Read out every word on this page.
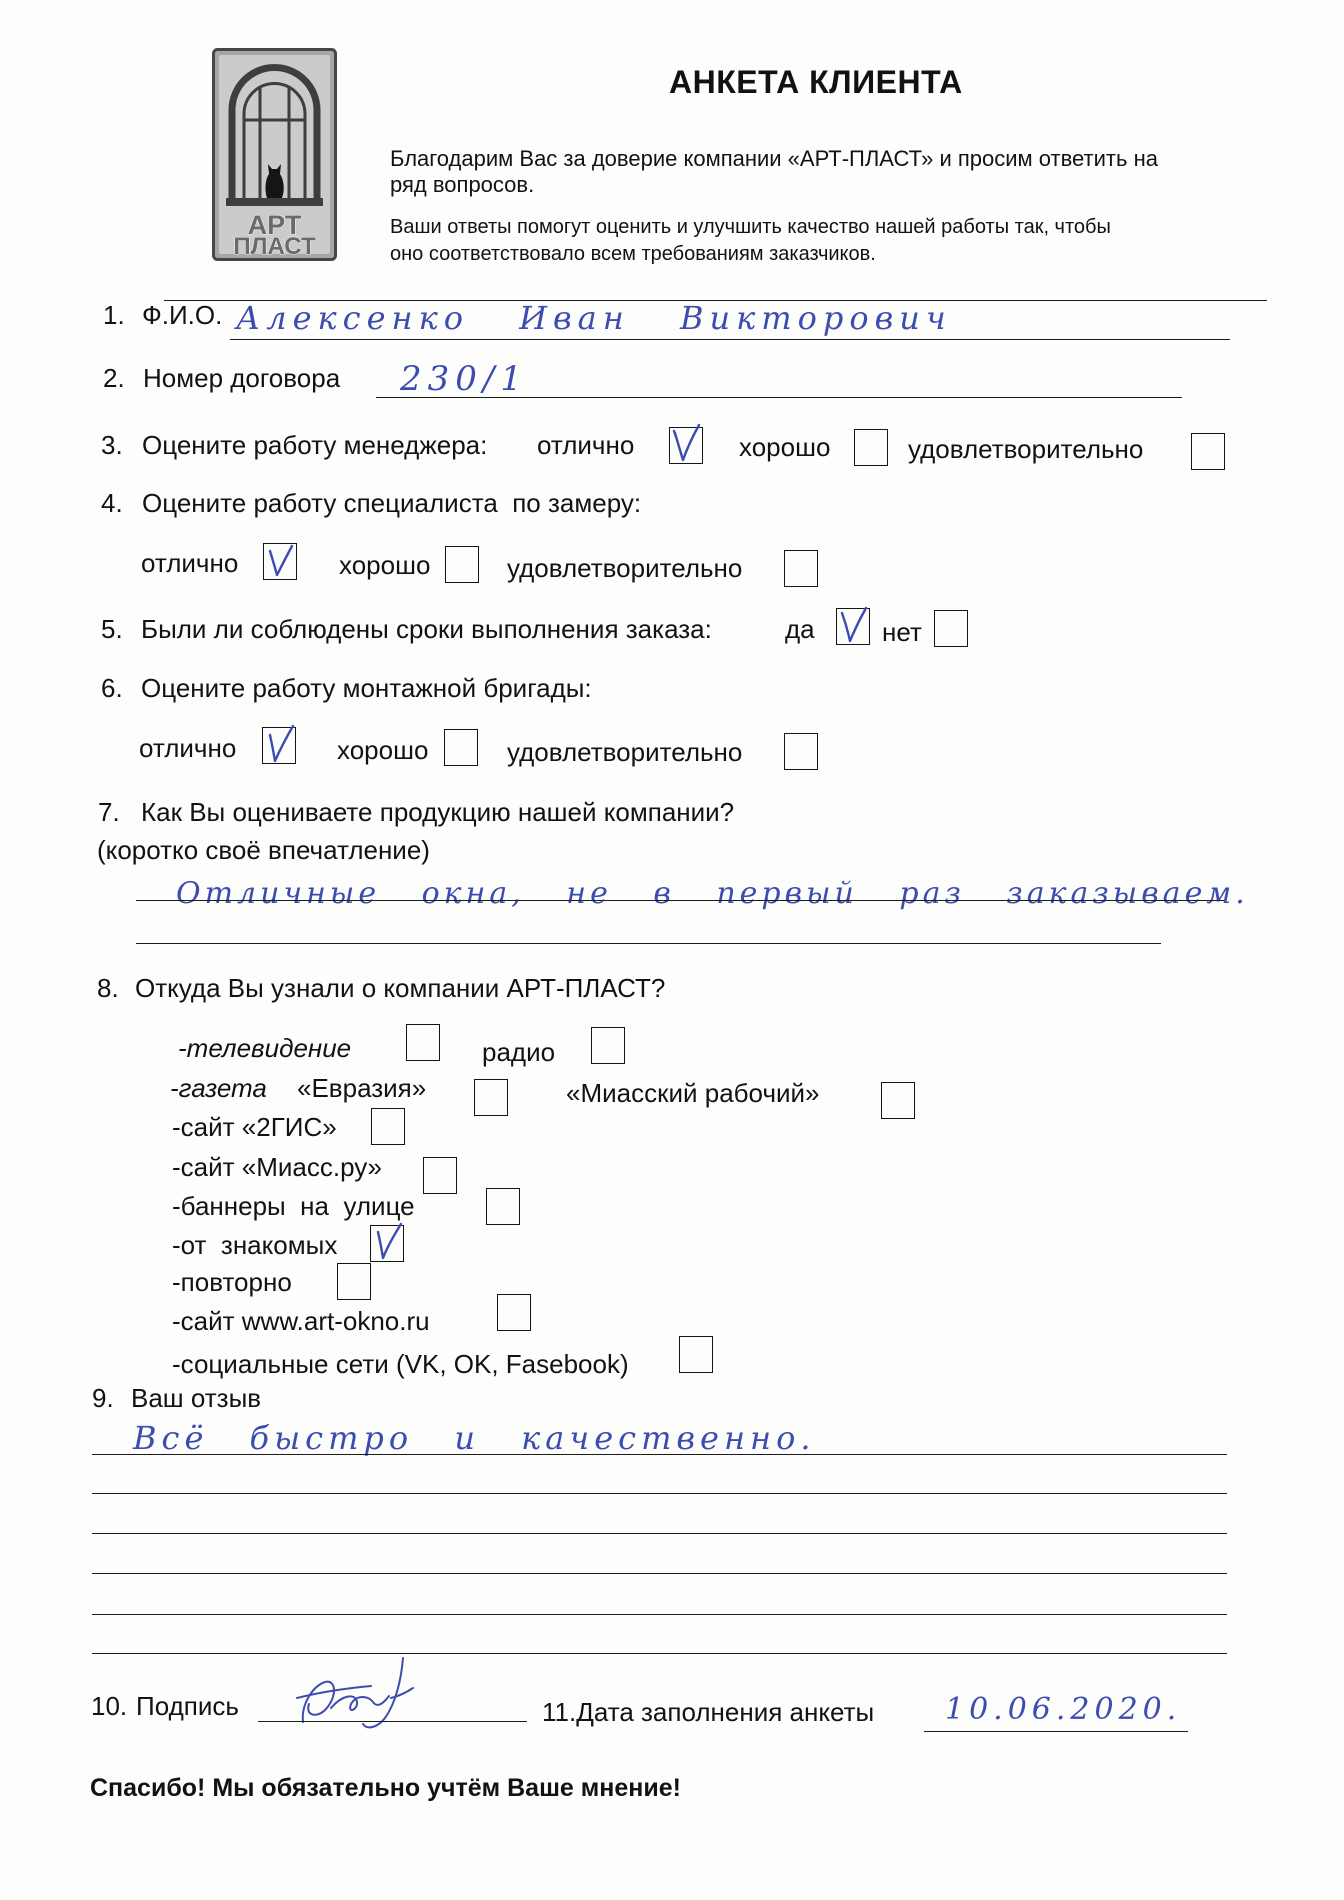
АРТ
ПЛАСТ
АНКЕТА КЛИЕНТА
Благодарим Вас за доверие компании «АРТ-ПЛАСТ» и просим ответить на
ряд вопросов.
Ваши ответы помогут оценить и улучшить качество нашей работы так, чтобы
оно соответствовало всем требованиям заказчиков.
1. Ф.И.О. Алексенко Иван Викторович
2. Номер договора 230/1
3. Оцените работу менеджера: отлично	хорошо	удовлетворительно
4. Оцените работу специалиста  по замеру:
отлично	хорошо	удовлетворительно
5. Были ли соблюдены сроки выполнения заказа:	да	нет
6. Оцените работу монтажной бригады:
отлично	хорошо	удовлетворительно
7. Как Вы оцениваете продукцию нашей компании?
(коротко своё впечатление)
Отличные окна, не в первый раз заказываем.
8. Откуда Вы узнали о компании АРТ-ПЛАСТ?
-телевидение	радио
-газета «Евразия»	«Миасский рабочий»
-сайт «2ГИС»
-сайт «Миасс.ру»
-баннеры  на  улице
-от  знакомых
-повторно
-сайт www.art-okno.ru
-социальные сети (VK, OK, Fasebook)
9. Ваш отзыв
Всё быстро и качественно.
10. Подпись	11.Дата заполнения анкеты 10.06.2020.
Спасибо! Мы обязательно учтём Ваше мнение!
